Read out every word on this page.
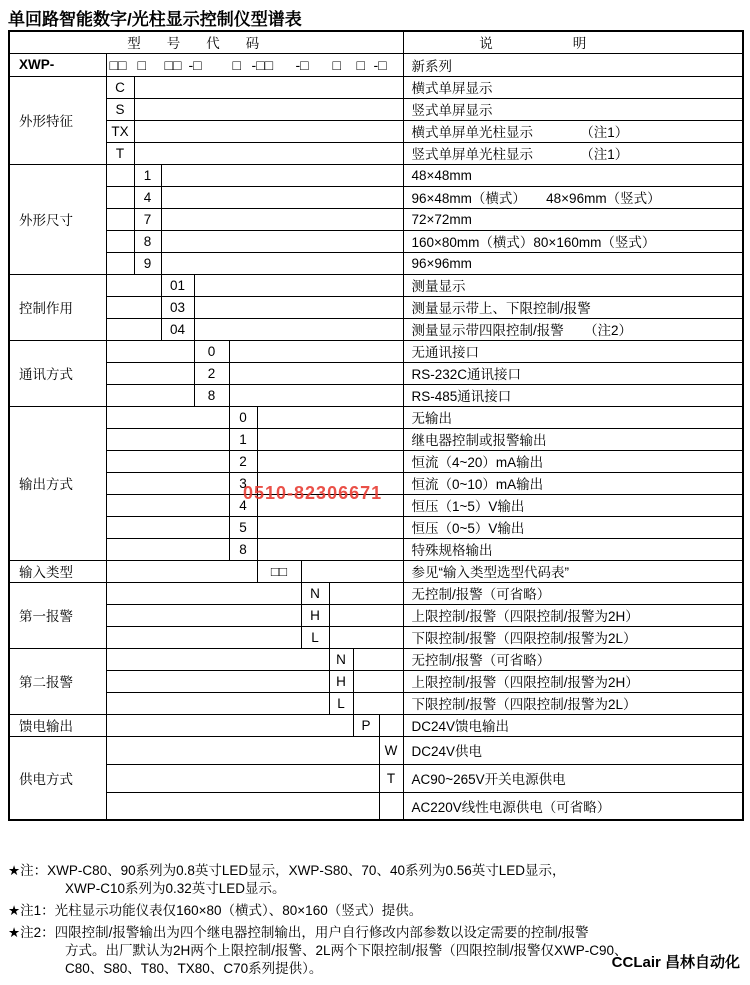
单回路智能数字/光柱显示控制仪型谱表
型号代码											说明
XWP-	□□ □ □□ -□ □ -□□ -□ □ □ -□	新系列
外形特征	C										横式单屏显示
	S										竖式单屏显示
	TX										横式单屏单光柱显示　　　　（注1）
	T										竖式单屏单光柱显示　　　　（注1）
外形尺寸		1									48×48mm
		4									96×48mm（横式）　　48×96mm（竖式）
		7									72×72mm
		8									160×80mm（横式）80×160mm（竖式）
		9									96×96mm
控制作用			01								测量显示
			03								测量显示带上、下限控制/报警
			04								测量显示带四限控制/报警　　（注2）
通讯方式				0							无通讯接口
				2							RS-232C通讯接口
				8							RS-485通讯接口
输出方式					0						无输出
					1						继电器控制或报警输出
					2						恒流（4~20）mA输出
					3						恒流（0~10）mA输出
					4						恒压（1~5）V输出
					5						恒压（0~5）V输出
					8						特殊规格输出
输入类型						□□					参见“输入类型选型代码表”
第一报警							N				无控制/报警（可省略）
							H				上限控制/报警（四限控制/报警为2H）
							L				下限控制/报警（四限控制/报警为2L）
第二报警								N			无控制/报警（可省略）
								H			上限控制/报警（四限控制/报警为2H）
								L			下限控制/报警（四限控制/报警为2L）
馈电输出									P		DC24V馈电输出
供电方式										W	DC24V供电
										T	AC90~265V开关电源供电
											AC220V线性电源供电（可省略）
0510-82306671
★注：XWP-C80、90系列为0.8英寸LED显示，XWP-S80、70、40系列为0.56英寸LED显示，
XWP-C10系列为0.32英寸LED显示。
★注1：光柱显示功能仪表仅160×80（横式）、80×160（竖式）提供。
★注2：四限控制/报警输出为四个继电器控制输出，用户自行修改内部参数以设定需要的控制/报警
方式。出厂默认为2H两个上限控制/报警、2L两个下限控制/报警（四限控制/报警仅XWP-C90、
C80、S80、T80、TX80、C70系列提供）。	CCLair 昌林自动化
